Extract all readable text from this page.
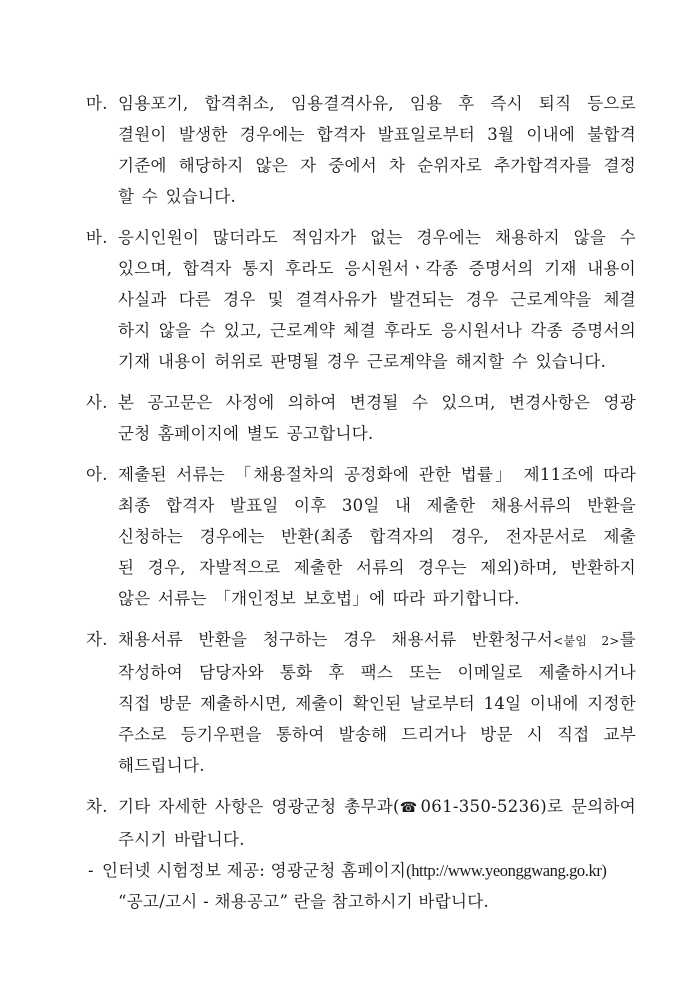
마. 임용포기, 합격취소, 임용결격사유, 임용 후 즉시 퇴직 등으로
결원이 발생한 경우에는 합격자 발표일로부터 3월 이내에 불합격
기준에 해당하지 않은 자 중에서 차 순위자로 추가합격자를 결정
할 수 있습니다.
바. 응시인원이 많더라도 적임자가 없는 경우에는 채용하지 않을 수
있으며, 합격자 통지 후라도 응시원서ㆍ각종 증명서의 기재 내용이
사실과 다른 경우 및 결격사유가 발견되는 경우 근로계약을 체결
하지 않을 수 있고, 근로계약 체결 후라도 응시원서나 각종 증명서의
기재 내용이 허위로 판명될 경우 근로계약을 해지할 수 있습니다.
사. 본 공고문은 사정에 의하여 변경될 수 있으며, 변경사항은 영광
군청 홈페이지에 별도 공고합니다.
아. 제출된 서류는 「채용절차의 공정화에 관한 법률」 제11조에 따라
최종 합격자 발표일 이후 30일 내 제출한 채용서류의 반환을
신청하는 경우에는 반환(최종 합격자의 경우, 전자문서로 제출
된 경우, 자발적으로 제출한 서류의 경우는 제외)하며, 반환하지
않은 서류는 「개인정보 보호법」에 따라 파기합니다.
자. 채용서류 반환을 청구하는 경우 채용서류 반환청구서<붙임 2>를
작성하여 담당자와 통화 후 팩스 또는 이메일로 제출하시거나
직접 방문 제출하시면, 제출이 확인된 날로부터 14일 이내에 지정한
주소로 등기우편을 통하여 발송해 드리거나 방문 시 직접 교부
해드립니다.
차. 기타 자세한 사항은 영광군청 총무과(☎ 061-350-5236)로 문의하여
주시기 바랍니다.
- 인터넷 시험정보 제공: 영광군청 홈페이지(http://www.yeonggwang.go.kr)
“공고/고시 - 채용공고” 란을 참고하시기 바랍니다.
